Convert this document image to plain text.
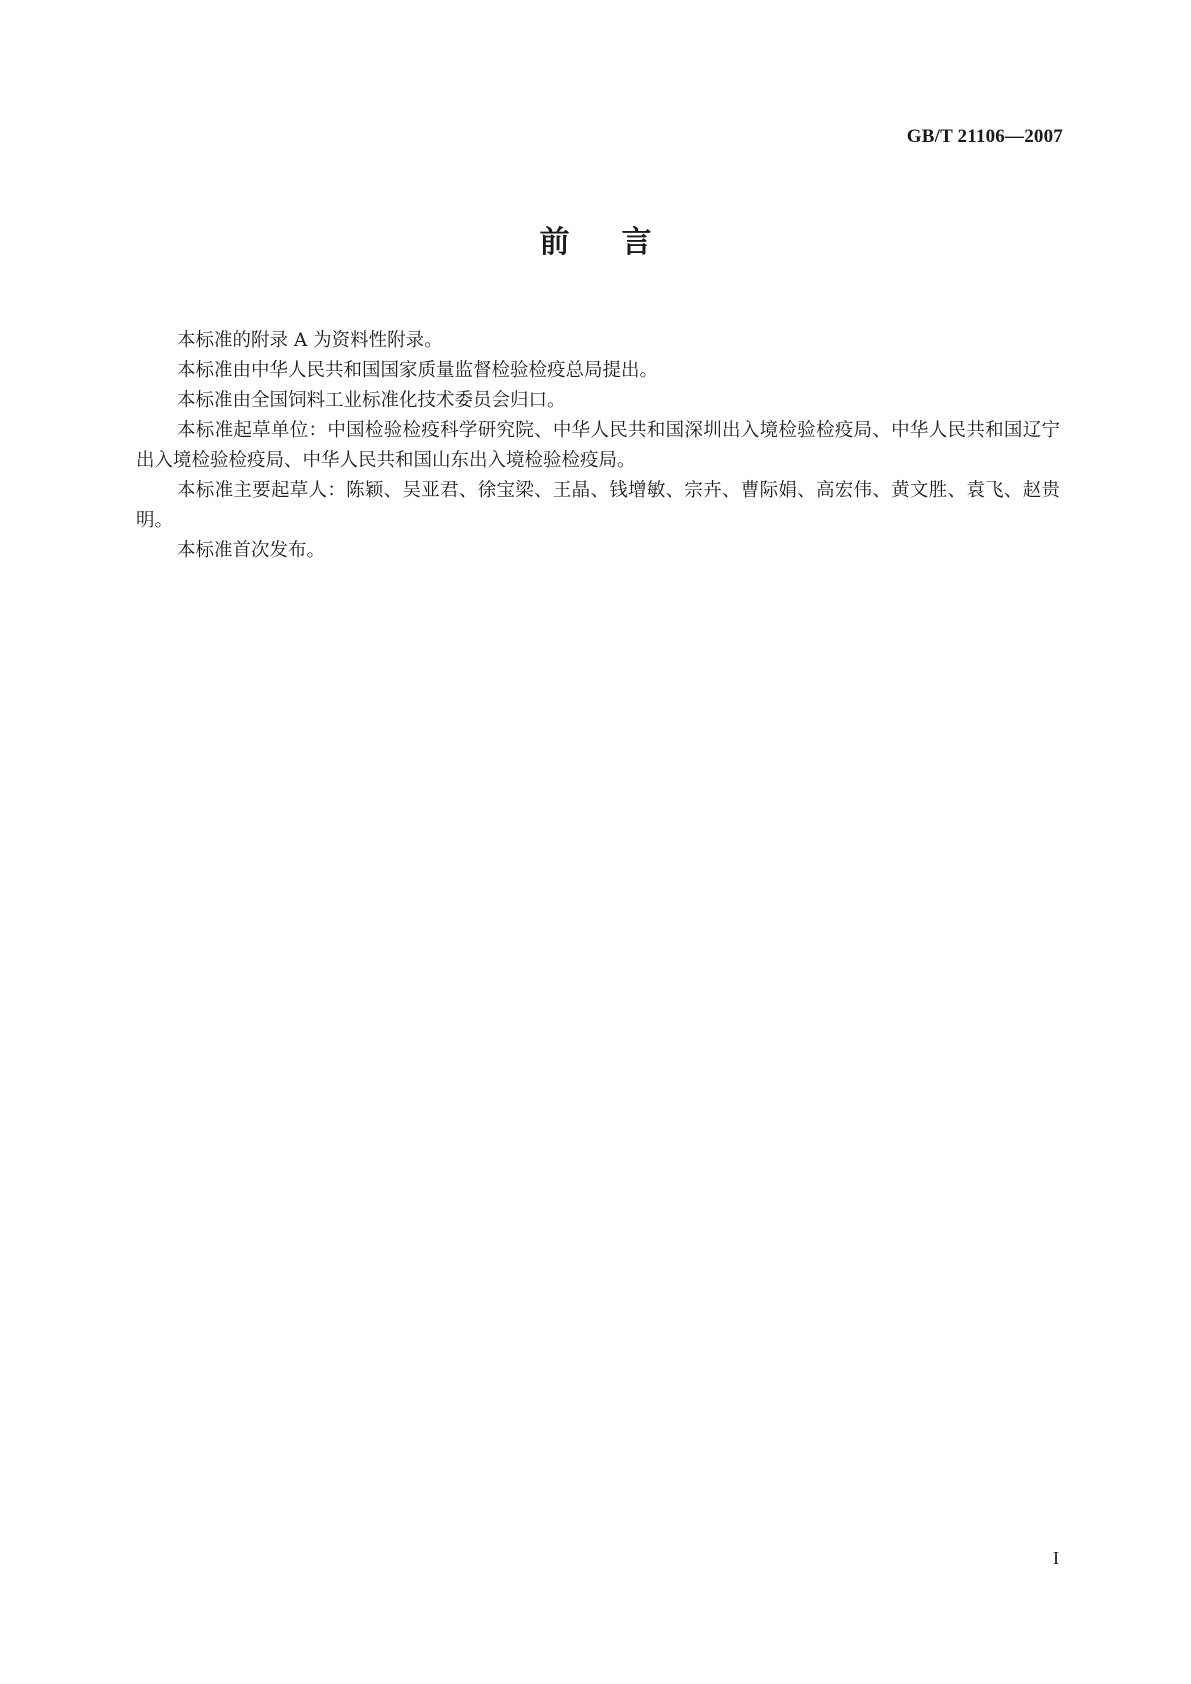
GB/T 21106—2007
前言

本标准的附录 A 为资料性附录。

本标准由中华人民共和国国家质量监督检验检疫总局提出。

本标准由全国饲料工业标准化技术委员会归口。

本标准起草单位：中国检验检疫科学研究院、中华人民共和国深圳出入境检验检疫局、中华人民共和国辽宁出入境检验检疫局、中华人民共和国山东出入境检验检疫局。

本标准主要起草人：陈颖、吴亚君、徐宝梁、王晶、钱增敏、宗卉、曹际娟、高宏伟、黄文胜、袁飞、赵贵明。

本标准首次发布。

I
